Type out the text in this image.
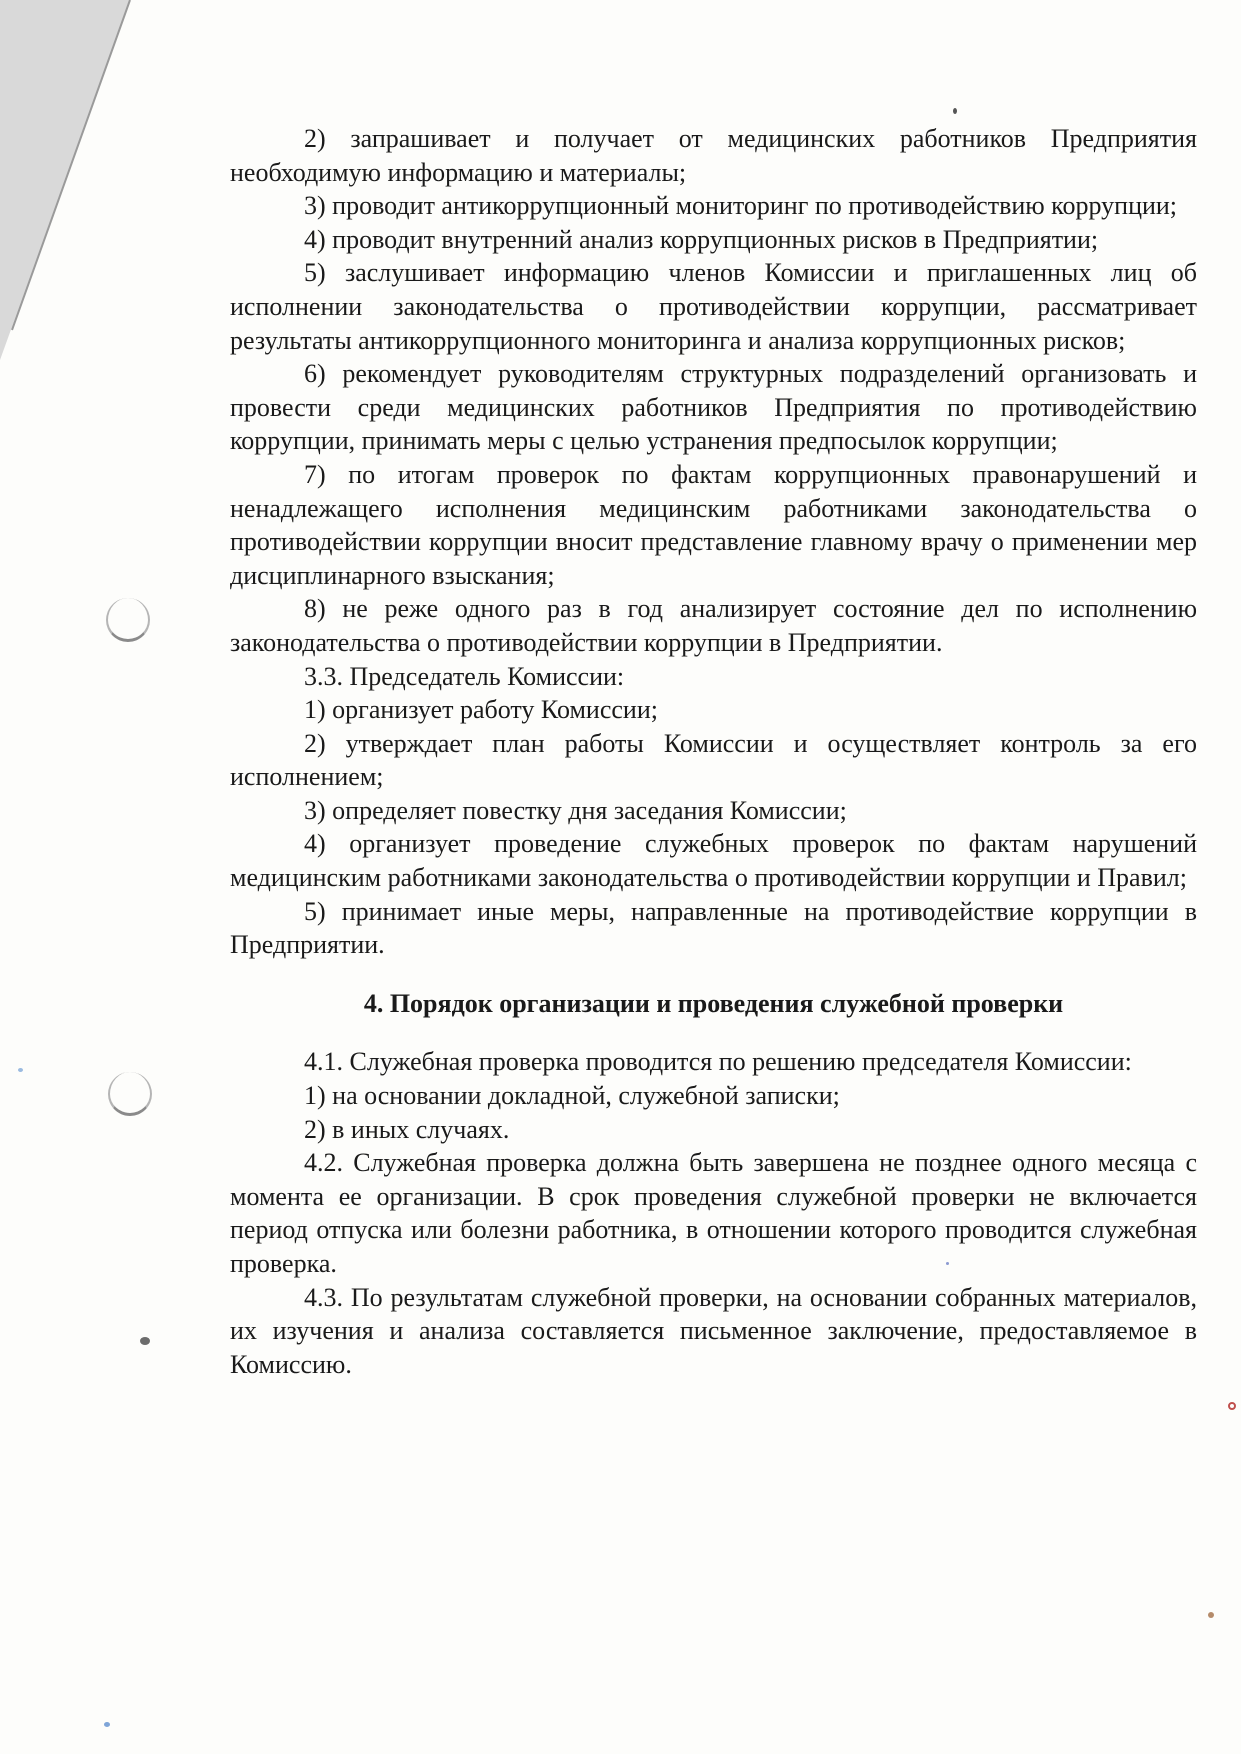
2) запрашивает и получает от медицинских работников Предприятия необходимую информацию и материалы;

3) проводит антикоррупционный мониторинг по противодействию коррупции;

4) проводит внутренний анализ коррупционных рисков в Предприятии;

5) заслушивает информацию членов Комиссии и приглашенных лиц об исполнении законодательства о противодействии коррупции, рассматривает результаты антикоррупционного мониторинга и анализа коррупционных рисков;

6) рекомендует руководителям структурных подразделений организовать и провести среди медицинских работников Предприятия по противодействию коррупции, принимать меры с целью устранения предпосылок коррупции;

7) по итогам проверок по фактам коррупционных правонарушений и ненадлежащего исполнения медицинским работниками законодательства о противодействии коррупции вносит представление главному врачу о применении мер дисциплинарного взыскания;

8) не реже одного раз в год анализирует состояние дел по исполнению законодательства о противодействии коррупции в Предприятии.

3.3. Председатель Комиссии:

1) организует работу Комиссии;

2) утверждает план работы Комиссии и осуществляет контроль за его исполнением;

3) определяет повестку дня заседания Комиссии;

4) организует проведение служебных проверок по фактам нарушений медицинским работниками законодательства о противодействии коррупции и Правил;

5) принимает иные меры, направленные на противодействие коррупции в Предприятии.

4. Порядок организации и проведения служебной проверки

4.1. Служебная проверка проводится по решению председателя Комиссии:

1) на основании докладной, служебной записки;

2) в иных случаях.

4.2. Служебная проверка должна быть завершена не позднее одного месяца с момента ее организации. В срок проведения служебной проверки не включается период отпуска или болезни работника, в отношении которого проводится служебная проверка.

4.3. По результатам служебной проверки, на основании собранных материалов, их изучения и анализа составляется письменное заключение, предоставляемое в Комиссию.
